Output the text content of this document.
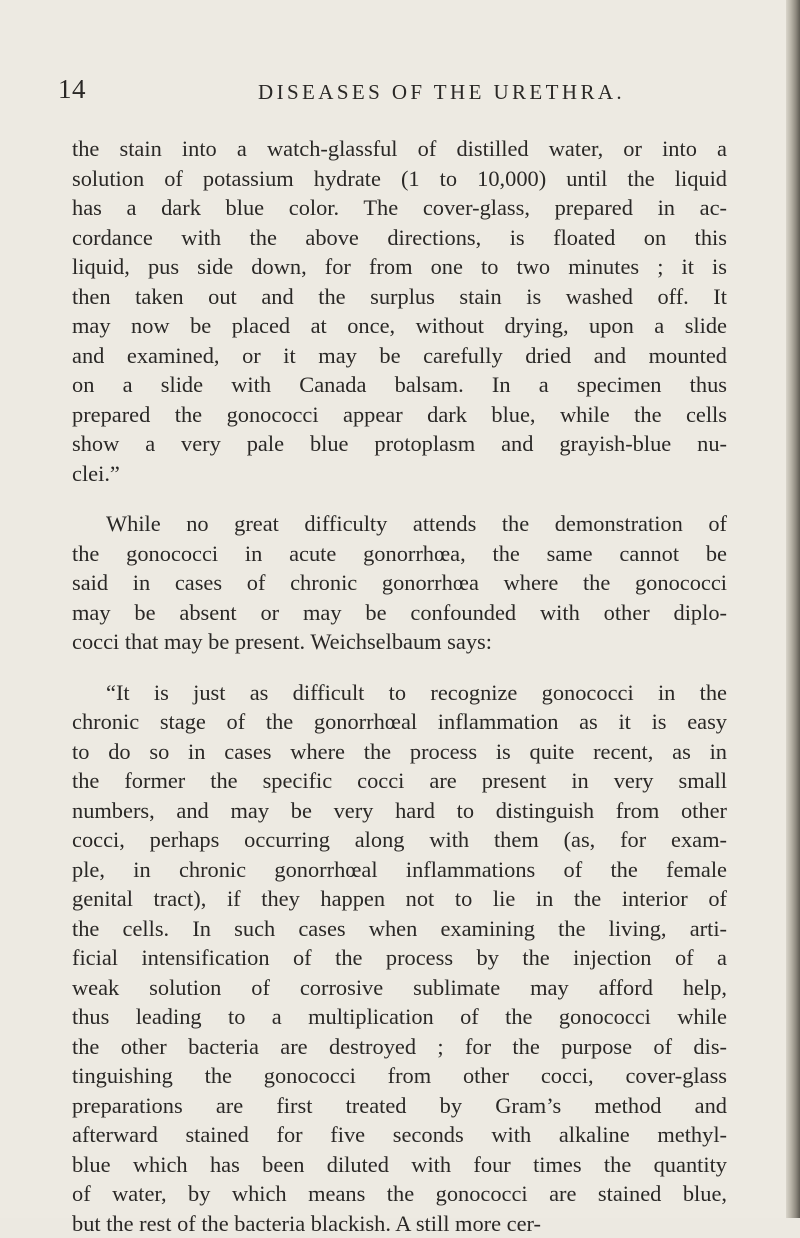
14	DISEASES OF THE URETHRA.
the stain into a watch-glassful of distilled water, or into a
solution of potassium hydrate (1 to 10,000) until the liquid
has a dark blue color. The cover-glass, prepared in ac-
cordance with the above directions, is floated on this
liquid, pus side down, for from one to two minutes ; it is
then taken out and the surplus stain is washed off. It
may now be placed at once, without drying, upon a slide
and examined, or it may be carefully dried and mounted
on a slide with Canada balsam. In a specimen thus
prepared the gonococci appear dark blue, while the cells
show a very pale blue protoplasm and grayish-blue nu-
clei.”
While no great difficulty attends the demonstration of
the gonococci in acute gonorrhœa, the same cannot be
said in cases of chronic gonorrhœa where the gonococci
may be absent or may be confounded with other diplo-
cocci that may be present. Weichselbaum says:
“It is just as difficult to recognize gonococci in the
chronic stage of the gonorrhœal inflammation as it is easy
to do so in cases where the process is quite recent, as in
the former the specific cocci are present in very small
numbers, and may be very hard to distinguish from other
cocci, perhaps occurring along with them (as, for exam-
ple, in chronic gonorrhœal inflammations of the female
genital tract), if they happen not to lie in the interior of
the cells. In such cases when examining the living, arti-
ficial intensification of the process by the injection of a
weak solution of corrosive sublimate may afford help,
thus leading to a multiplication of the gonococci while
the other bacteria are destroyed ; for the purpose of dis-
tinguishing the gonococci from other cocci, cover-glass
preparations are first treated by Gram’s method and
afterward stained for five seconds with alkaline methyl-
blue which has been diluted with four times the quantity
of water, by which means the gonococci are stained blue,
but the rest of the bacteria blackish. A still more cer-
